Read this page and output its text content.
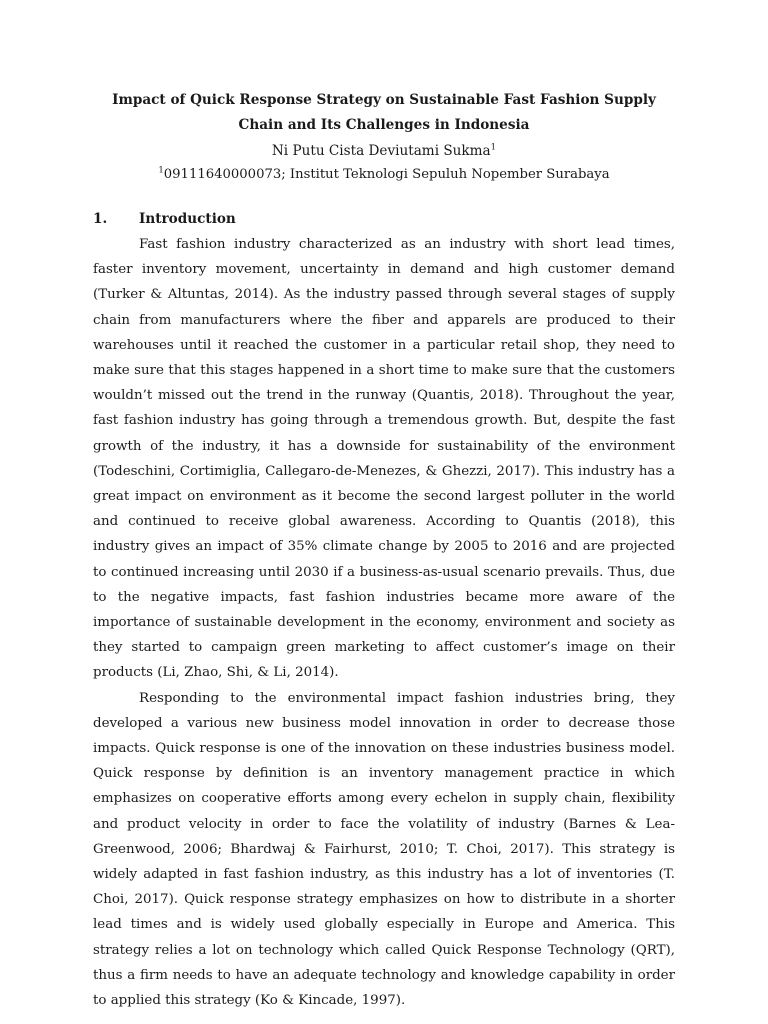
Impact of Quick Response Strategy on Sustainable Fast Fashion Supply Chain and Its Challenges in Indonesia
Ni Putu Cista Deviutami Sukma$^1$
$^1$09111640000073; Institut Teknologi Sepuluh Nopember Surabaya
1.	Introduction

Fast fashion industry characterized as an industry with short lead times, faster inventory movement, uncertainty in demand and high customer demand (Turker & Altuntas, 2014). As the industry passed through several stages of supply chain from manufacturers where the fiber and apparels are produced to their warehouses until it reached the customer in a particular retail shop, they need to make sure that this stages happened in a short time to make sure that the customers wouldn’t missed out the trend in the runway (Quantis, 2018). Throughout the year, fast fashion industry has going through a tremendous growth. But, despite the fast growth of the industry, it has a downside for sustainability of the environment (Todeschini, Cortimiglia, Callegaro-de-Menezes, & Ghezzi, 2017). This industry has a great impact on environment as it become the second largest polluter in the world and continued to receive global awareness. According to Quantis (2018), this industry gives an impact of 35% climate change by 2005 to 2016 and are projected to continued increasing until 2030 if a business-as-usual scenario prevails. Thus, due to the negative impacts, fast fashion industries became more aware of the importance of sustainable development in the economy, environment and society as they started to campaign green marketing to affect customer’s image on their products (Li, Zhao, Shi, & Li, 2014).

Responding to the environmental impact fashion industries bring, they developed a various new business model innovation in order to decrease those impacts. Quick response is one of the innovation on these industries business model. Quick response by definition is an inventory management practice in which emphasizes on cooperative efforts among every echelon in supply chain, flexibility and product velocity in order to face the volatility of industry (Barnes & Lea-Greenwood, 2006; Bhardwaj & Fairhurst, 2010; T. Choi, 2017). This strategy is widely adapted in fast fashion industry, as this industry has a lot of inventories (T. Choi, 2017). Quick response strategy emphasizes on how to distribute in a shorter lead times and is widely used globally especially in Europe and America. This strategy relies a lot on technology which called Quick Response Technology (QRT), thus a firm needs to have an adequate technology and knowledge capability in order to applied this strategy (Ko & Kincade, 1997).
